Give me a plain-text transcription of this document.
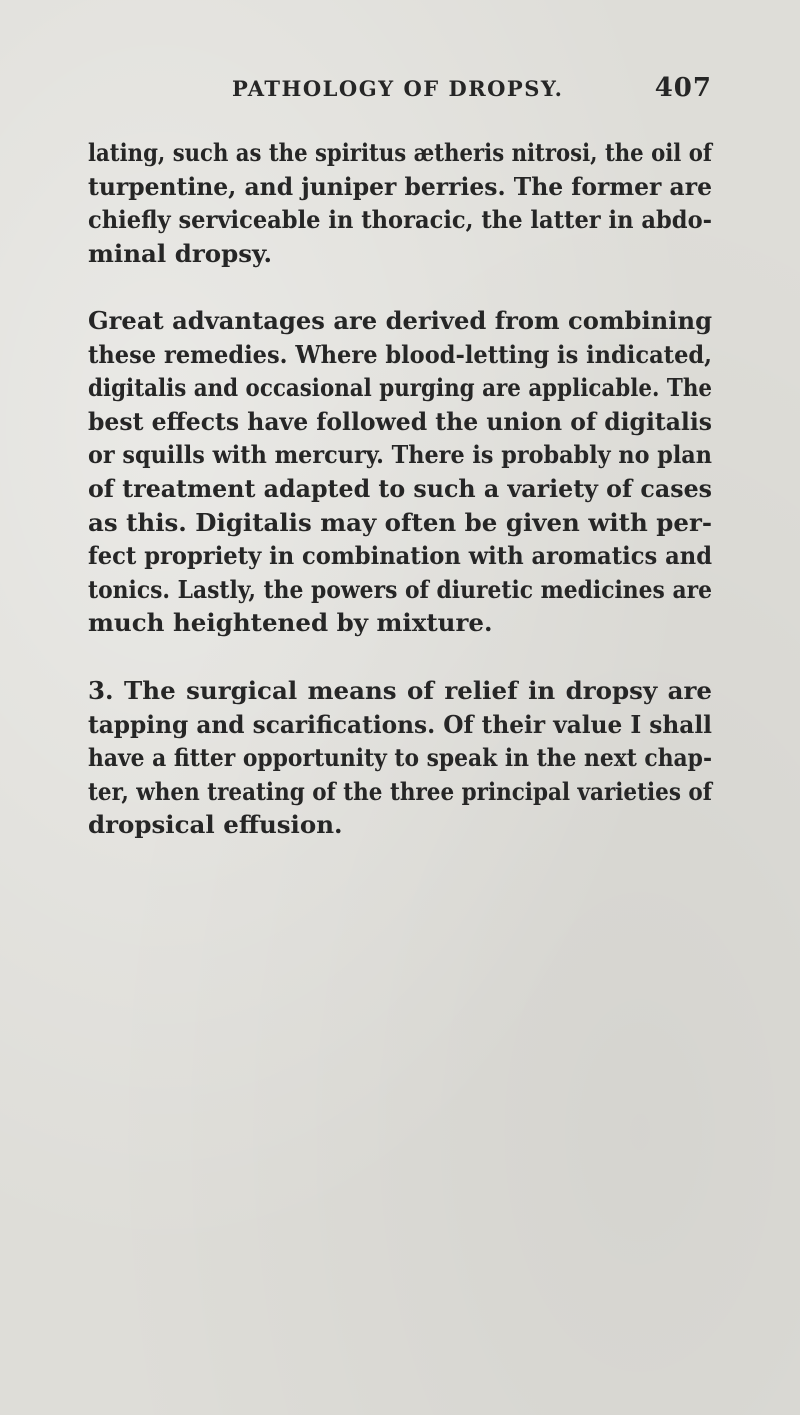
PATHOLOGY OF DROPSY.	407
lating, such as the spiritus ætheris nitrosi, the oil of
turpentine, and juniper berries. The former are
chiefly serviceable in thoracic, the latter in abdo-
minal dropsy.
Great advantages are derived from combining
these remedies. Where blood-letting is indicated,
digitalis and occasional purging are applicable. The
best effects have followed the union of digitalis
or squills with mercury. There is probably no plan
of treatment adapted to such a variety of cases
as this. Digitalis may often be given with per-
fect propriety in combination with aromatics and
tonics. Lastly, the powers of diuretic medicines are
much heightened by mixture.
3. The surgical means of relief in dropsy are
tapping and scarifications. Of their value I shall
have a fitter opportunity to speak in the next chap-
ter, when treating of the three principal varieties of
dropsical effusion.
